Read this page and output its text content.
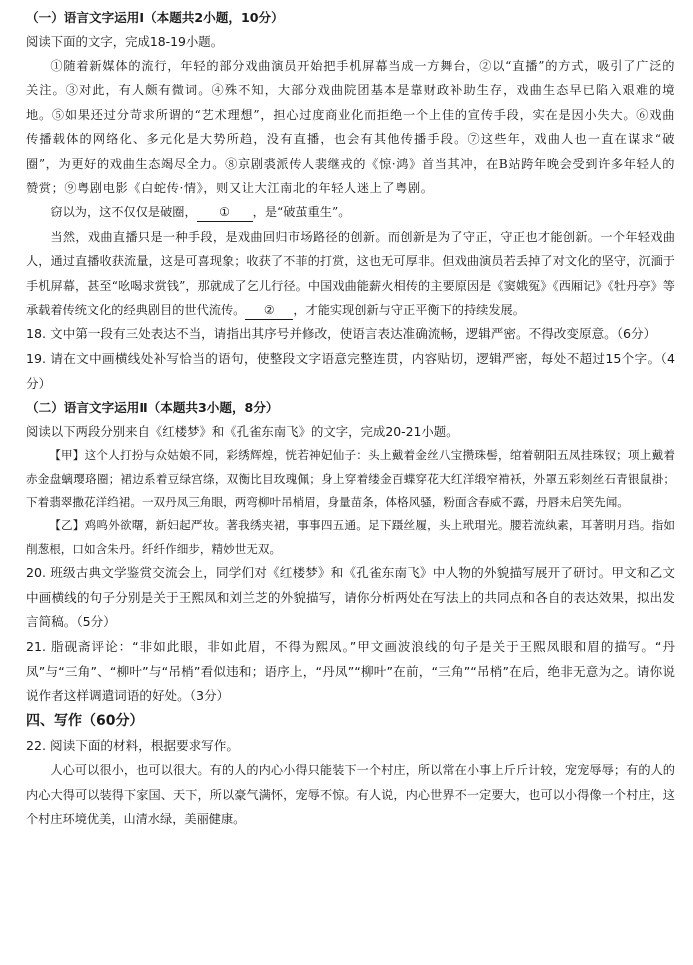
（一）语言文字运用Ⅰ（本题共2小题，10分）
阅读下面的文字，完成18-19小题。

①随着新媒体的流行，年轻的部分戏曲演员开始把手机屏幕当成一方舞台，②以“直播”的方式，吸引了广泛的关注。③对此，有人颇有微词。④殊不知，大部分戏曲院团基本是靠财政补助生存，戏曲生态早已陷入艰难的境地。⑤如果还过分苛求所谓的“艺术理想”，担心过度商业化而拒绝一个上佳的宣传手段，实在是因小失大。⑥戏曲传播载体的网络化、多元化是大势所趋，没有直播，也会有其他传播手段。⑦这些年，戏曲人也一直在谋求“破圈”，为更好的戏曲生态竭尽全力。⑧京剧裘派传人裴继戎的《惊·鸿》首当其冲，在B站跨年晚会受到许多年轻人的赞赏；⑨粤剧电影《白蛇传·情》，则又让大江南北的年轻人迷上了粤剧。

窃以为，这不仅仅是破圈， ① ，是“破茧重生”。

当然，戏曲直播只是一种手段，是戏曲回归市场路径的创新。而创新是为了守正，守正也才能创新。一个年轻戏曲人，通过直播收获流量，这是可喜现象；收获了不菲的打赏，这也无可厚非。但戏曲演员若丢掉了对文化的坚守，沉湎于手机屏幕，甚至“吆喝求赏钱”，那就成了乞儿行径。中国戏曲能薪火相传的主要原因是《窦娥冤》《西厢记》《牡丹亭》等承载着传统文化的经典剧目的世代流传。 ② ，才能实现创新与守正平衡下的持续发展。

18. 文中第一段有三处表达不当，请指出其序号并修改，使语言表达准确流畅，逻辑严密。不得改变原意。（6分）

19. 请在文中画横线处补写恰当的语句，使整段文字语意完整连贯，内容贴切，逻辑严密，每处不超过15个字。（4分）

（二）语言文字运用Ⅱ（本题共3小题，8分）
阅读以下两段分别来自《红楼梦》和《孔雀东南飞》的文字，完成20-21小题。

【甲】这个人打扮与众姑娘不同，彩绣辉煌，恍若神妃仙子：头上戴着金丝八宝攒珠髻，绾着朝阳五凤挂珠钗；项上戴着赤金盘螭璎珞圈；裙边系着豆绿宫绦，双衡比目玫瑰佩；身上穿着缕金百蝶穿花大红洋缎窄褃袄，外罩五彩刻丝石青银鼠褂；下着翡翠撒花洋绉裙。一双丹凤三角眼，两弯柳叶吊梢眉，身量苗条，体格风骚，粉面含春威不露，丹唇未启笑先闻。

【乙】鸡鸣外欲曙，新妇起严妆。著我绣夹裙，事事四五通。足下蹑丝履，头上玳瑁光。腰若流纨素，耳著明月珰。指如削葱根，口如含朱丹。纤纤作细步，精妙世无双。

20. 班级古典文学鉴赏交流会上，同学们对《红楼梦》和《孔雀东南飞》中人物的外貌描写展开了研讨。甲文和乙文中画横线的句子分别是关于王熙凤和刘兰芝的外貌描写，请你分析两处在写法上的共同点和各自的表达效果，拟出发言简稿。（5分）

21. 脂砚斋评论：“非如此眼，非如此眉，不得为熙凤。”甲文画波浪线的句子是关于王熙凤眼和眉的描写。“丹凤”与“三角”、“柳叶”与“吊梢”看似违和；语序上，“丹凤”“柳叶”在前，“三角”“吊梢”在后，绝非无意为之。请你说说作者这样调遣词语的好处。（3分）

四、写作（60分）

22. 阅读下面的材料，根据要求写作。

人心可以很小，也可以很大。有的人的内心小得只能装下一个村庄，所以常在小事上斤斤计较，宠宠辱辱；有的人的内心大得可以装得下家国、天下，所以豪气满怀，宠辱不惊。有人说，内心世界不一定要大，也可以小得像一个村庄，这个村庄环境优美，山清水绿，美丽健康。
